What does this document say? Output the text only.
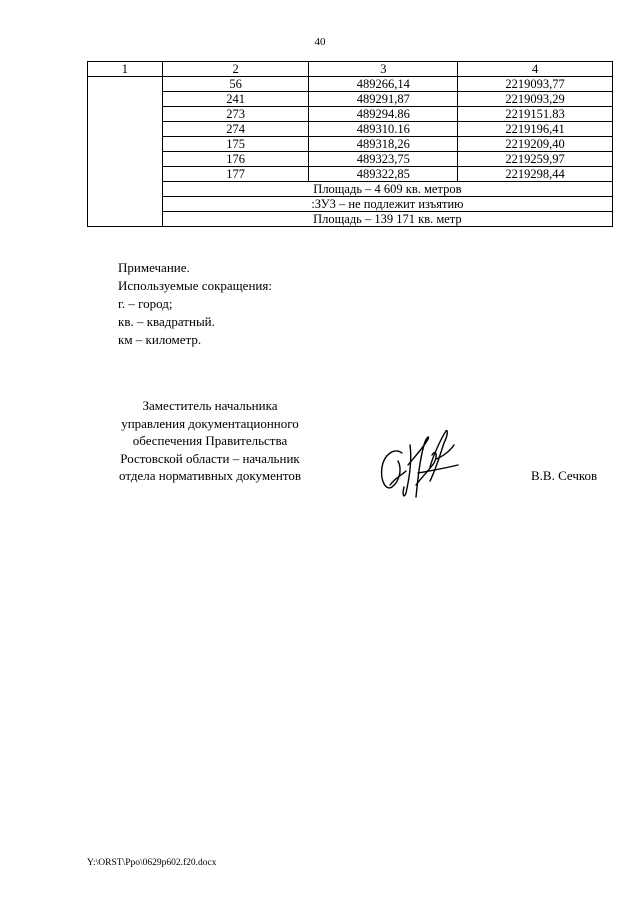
40
1	2	3	4
	56	489266,14	2219093,77
	241	489291,87	2219093,29
	273	489294.86	2219151.83
	274	489310.16	2219196,41
	175	489318,26	2219209,40
	176	489323,75	2219259,97
	177	489322,85	2219298,44
	Площадь – 4 609 кв. метров		
	:ЗУ3 – не подлежит изъятию		
	Площадь – 139 171 кв. метр		
Примечание.
Используемые сокращения:
г. – город;
кв. – квадратный.
км – километр.
Заместитель начальника
управления документационного
обеспечения Правительства
Ростовской области – начальник
отдела нормативных документов	В.В. Сечков
Y:\ORST\Ppo\0629p602.f20.docx
